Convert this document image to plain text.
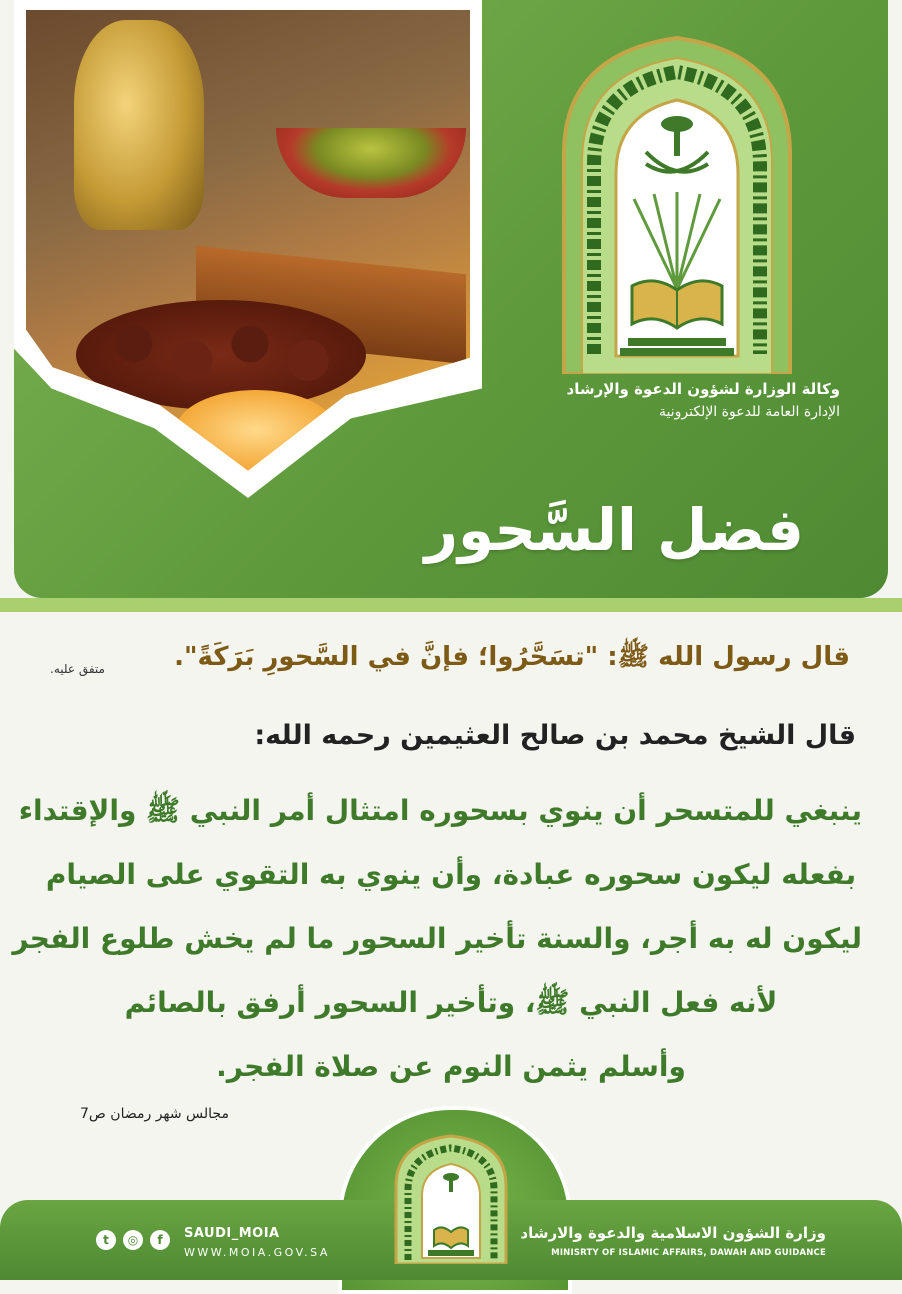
وكالة الوزارة لشؤون الدعوة والإرشاد
الإدارة العامة للدعوة الإلكترونية
فضل السَّحور
قال رسول الله ﷺ: "تسَحَّرُوا؛ فإنَّ في السَّحورِ بَرَكَةً".
متفق عليه.
قال الشيخ محمد بن صالح العثيمين رحمه الله:
ينبغي للمتسحر أن ينوي بسحوره امتثال أمر النبي ﷺ والإقتداء
بفعله ليكون سحوره عبادة، وأن ينوي به التقوي على الصيام
ليكون له به أجر، والسنة تأخير السحور ما لم يخش طلوع الفجر
لأنه فعل النبي ﷺ، وتأخير السحور أرفق بالصائم
وأسلم يثمن النوم عن صلاة الفجر.
مجالس شهر رمضان ص7
t	◎	f	SAUDI_MOIA
WWW.MOIA.GOV.SA
وزارة الشؤون الاسلامية والدعوة والارشاد
MINISRTY OF ISLAMIC AFFAIRS, DAWAH AND GUIDANCE
